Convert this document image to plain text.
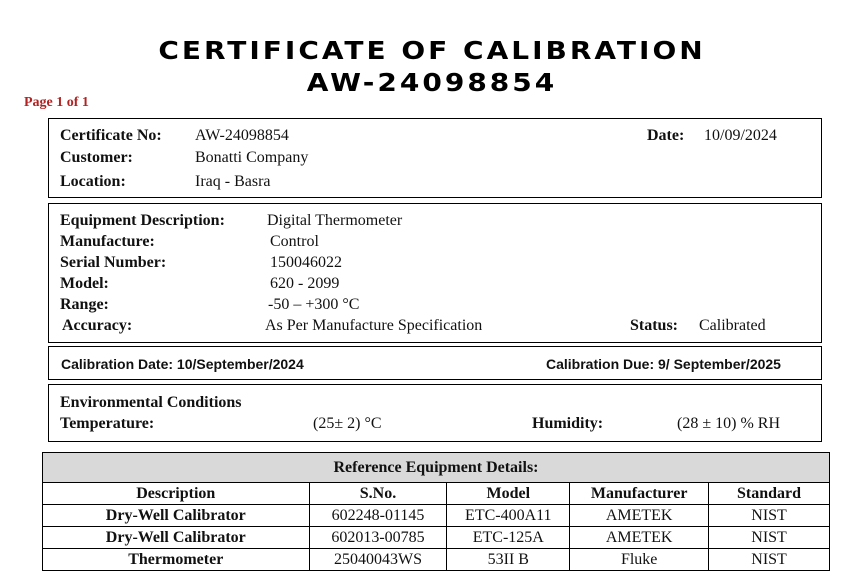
CERTIFICATE OF CALIBRATION
AW-24098854
Page 1 of 1
Certificate No: AW-24098854	Date: 10/09/2024
Customer:	Bonatti Company
Location:	Iraq - Basra
Equipment Description:	Digital Thermometer
Manufacture:	Control
Serial Number:	150046022
Model:	620 - 2099
Range:	-50 – +300 °C
Accuracy:	As Per Manufacture Specification	Status: Calibrated
Calibration Date: 10/September/2024	Calibration Due: 9/ September/2025
Environmental Conditions
Temperature:	(25± 2) °C	Humidity:	(28 ± 10) % RH
Reference Equipment Details:				
Description	S.No.	Model	Manufacturer	Standard
Dry-Well Calibrator	602248-01145	ETC-400A11	AMETEK	NIST
Dry-Well Calibrator	602013-00785	ETC-125A	AMETEK	NIST
Thermometer	25040043WS	53II B	Fluke	NIST
